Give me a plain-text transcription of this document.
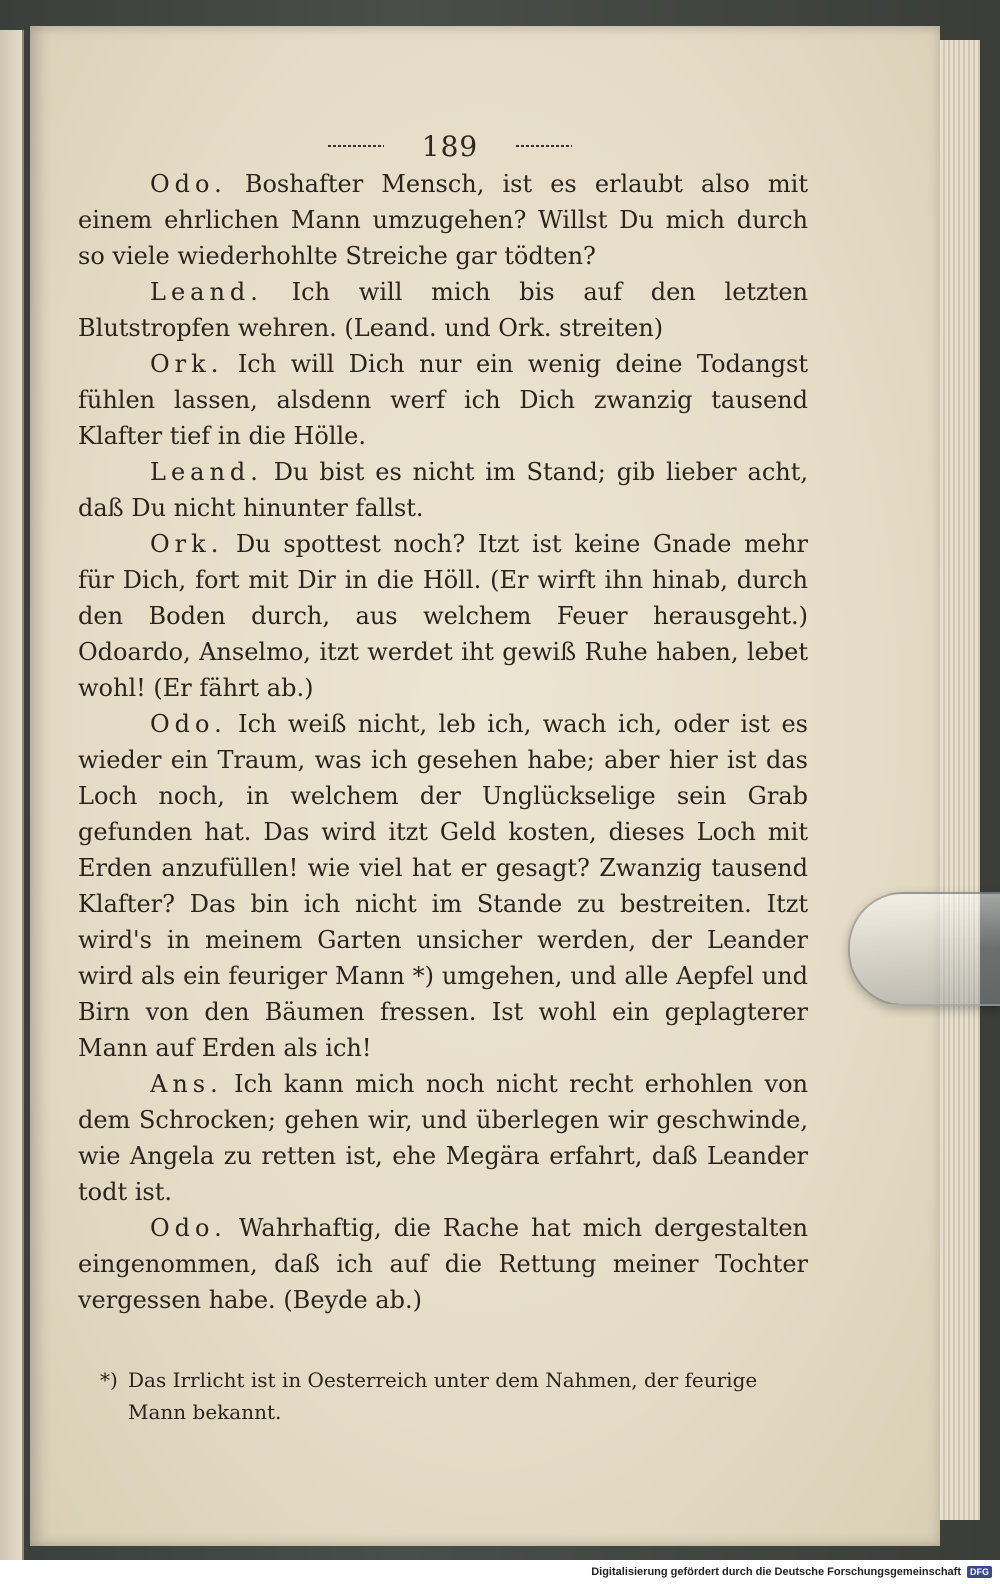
189

Odo. Boshafter Mensch, ist es erlaubt also mit einem ehrlichen Mann umzugehen? Willst Du mich durch so viele wiederhohlte Streiche gar tödten?

Leand. Ich will mich bis auf den letzten Blutstropfen wehren. (Leand. und Ork. streiten)

Ork. Ich will Dich nur ein wenig deine Todangst fühlen lassen, alsdenn werf ich Dich zwanzig tausend Klafter tief in die Hölle.

Leand. Du bist es nicht im Stand; gib lieber acht, daß Du nicht hinunter fallst.

Ork. Du spottest noch? Itzt ist keine Gnade mehr für Dich, fort mit Dir in die Höll. (Er wirft ihn hinab, durch den Boden durch, aus welchem Feuer herausgeht.) Odoardo, Anselmo, itzt werdet iht gewiß Ruhe haben, lebet wohl! (Er fährt ab.)

Odo. Ich weiß nicht, leb ich, wach ich, oder ist es wieder ein Traum, was ich gesehen habe; aber hier ist das Loch noch, in welchem der Unglückselige sein Grab gefunden hat. Das wird itzt Geld kosten, dieses Loch mit Erden anzufüllen! wie viel hat er gesagt? Zwanzig tausend Klafter? Das bin ich nicht im Stande zu bestreiten. Itzt wird's in meinem Garten unsicher werden, der Leander wird als ein feuriger Mann *) umgehen, und alle Aepfel und Birn von den Bäumen fressen. Ist wohl ein geplagterer Mann auf Erden als ich!

Ans. Ich kann mich noch nicht recht erhohlen von dem Schrocken; gehen wir, und überlegen wir geschwinde, wie Angela zu retten ist, ehe Megära erfahrt, daß Leander todt ist.

Odo. Wahrhaftig, die Rache hat mich dergestalten eingenommen, daß ich auf die Rettung meiner Tochter vergessen habe. (Beyde ab.)

*) Das Irrlicht ist in Oesterreich unter dem Nahmen, der feurige Mann bekannt.
Digitalisierung gefördert durch die Deutsche Forschungsgemeinschaft	DFG
